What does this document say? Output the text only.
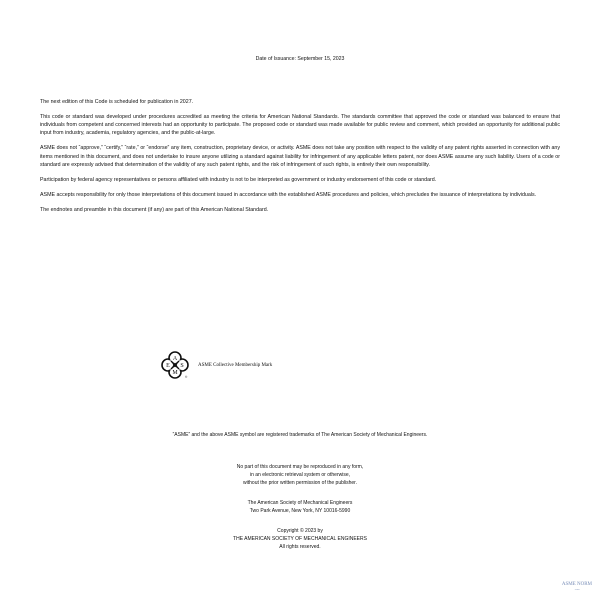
Date of Issuance: September 15, 2023

The next edition of this Code is scheduled for publication in 2027.

This code or standard was developed under procedures accredited as meeting the criteria for American National Standards. The standards committee that approved the code or standard was balanced to ensure that individuals from competent and concerned interests had an opportunity to participate. The proposed code or standard was made available for public review and comment, which provided an opportunity for additional public input from industry, academia, regulatory agencies, and the public-at-large.

ASME does not “approve,” “certify,” “rate,” or “endorse” any item, construction, proprietary device, or activity. ASME does not take any position with respect to the validity of any patent rights asserted in connection with any items mentioned in this document, and does not undertake to insure anyone utilizing a standard against liability for infringement of any applicable letters patent, nor does ASME assume any such liability. Users of a code or standard are expressly advised that determination of the validity of any such patent rights, and the risk of infringement of such rights, is entirely their own responsibility.

Participation by federal agency representatives or persons affiliated with industry is not to be interpreted as government or industry endorsement of this code or standard.

ASME accepts responsibility for only those interpretations of this document issued in accordance with the established ASME procedures and policies, which precludes the issuance of interpretations by individuals.

The endnotes and preamble in this document (if any) are part of this American National Standard.

A
E S
M
®
ASME Collective Membership Mark
“ASME” and the above ASME symbol are registered trademarks of The American Society of Mechanical Engineers.
No part of this document may be reproduced in any form,
in an electronic retrieval system or otherwise,
without the prior written permission of the publisher.
The American Society of Mechanical Engineers
Two Park Avenue, New York, NY 10016-5990
Copyright © 2023 by
THE AMERICAN SOCIETY OF MECHANICAL ENGINEERS
All rights reserved.
ASME NORM
.com
